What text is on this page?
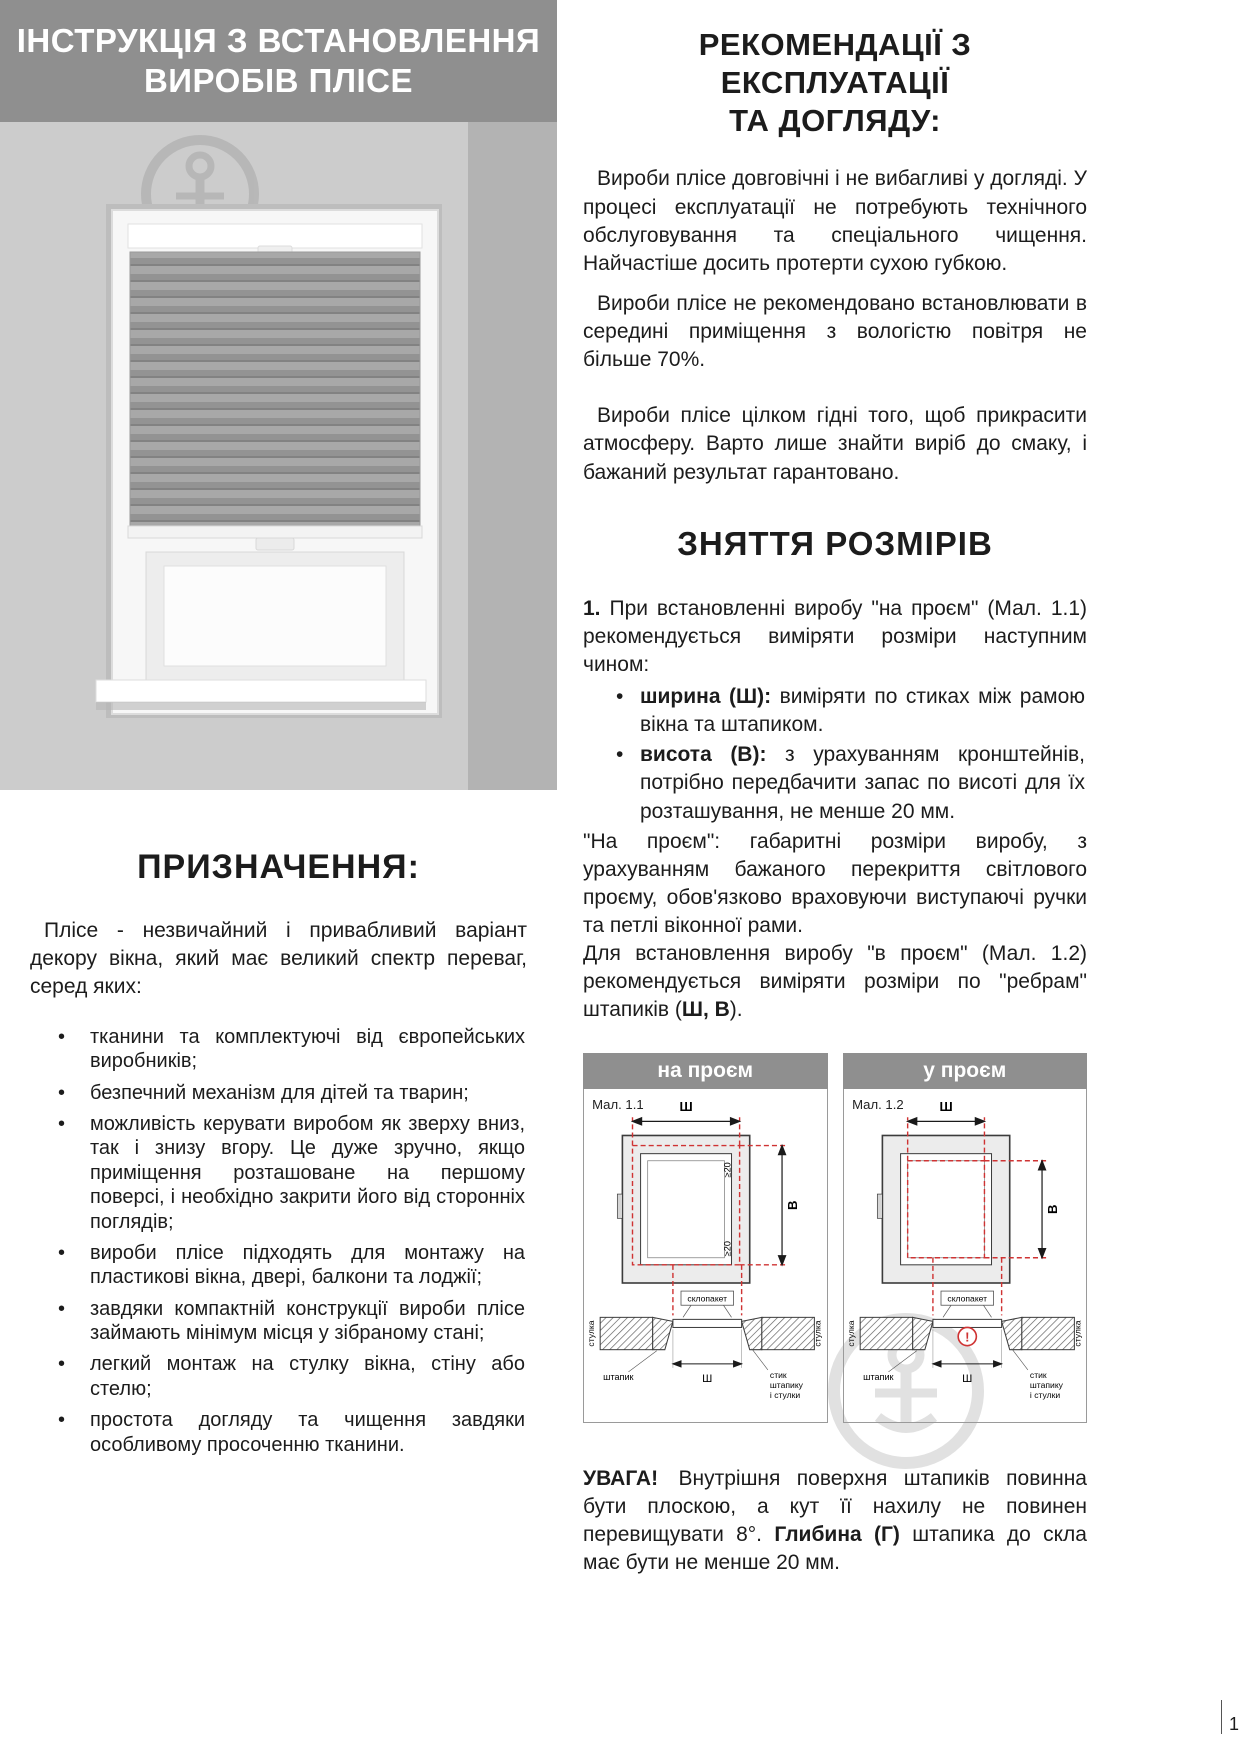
ІНСТРУКЦІЯ З ВСТАНОВЛЕННЯ
ВИРОБІВ ПЛІСЕ
ПРИЗНАЧЕННЯ:

Плісе - незвичайний і привабливий варіант декору вікна, який має великий спектр переваг, серед яких:

• тканини та комплектуючі від європейських виробників;
• безпечний механізм для дітей та тварин;
• можливість керувати виробом як зверху вниз, так і знизу вгору. Це дуже зручно, якщо приміщення розташоване на першому поверсі, і необхідно закрити його від сторонніх поглядів;
• вироби плісе підходять для монтажу на пластикові вікна, двері, балкони та лоджії;
• завдяки компактній конструкції вироби плісе займають мінімум місця у зібраному стані;
• легкий монтаж на стулку вікна, стіну або стелю;
• простота догляду та чищення завдяки особливому просоченню тканини.
РЕКОМЕНДАЦІЇ З ЕКСПЛУАТАЦІЇ
ТА ДОГЛЯДУ:

Вироби плісе довговічні і не вибагливі у догляді. У процесі експлуатації не потребують технічного обслуговування та спеціального чищення. Найчастіше досить протерти сухою губкою.

Вироби плісе не рекомендовано встановлювати в середині приміщення з вологістю повітря не більше 70%.

Вироби плісе цілком гідні того, щоб прикрасити атмосферу. Варто лише знайти виріб до смаку, і бажаний результат гарантовано.

ЗНЯТТЯ РОЗМІРІВ

1. При встановленні виробу "на проєм" (Мал. 1.1) рекомендується виміряти розміри наступним чином:

• ширина (Ш): виміряти по стиках між рамою вікна та штапиком.
• висота (В): з урахуванням кронштейнів, потрібно передбачити запас по висоті для їх розташування, не менше 20 мм.

"На проєм": габаритні розміри виробу, з урахуванням бажаного перекриття світлового проєму, обов'язково враховуючи виступаючі ручки та петлі віконної рами.

Для встановлення виробу "в проєм" (Мал. 1.2) рекомендується виміряти розміри по "ребрам" штапиків (Ш, В).

на проєм
Мал. 1.1	Ш
В
≥20
≥20
склопакет
стулка	стулка
Ш
штапик	стик
штапику
і стулки
у проєм
Мал. 1.2	Ш
В
склопакет
!
стулка	стулка
Ш
штапик	стик
штапику
і стулки

УВАГА! Внутрішня поверхня штапиків повинна бути плоскою, а кут її нахилу не повинен перевищувати 8°. Глибина (Г) штапика до скла має бути не менше 20 мм.

1
